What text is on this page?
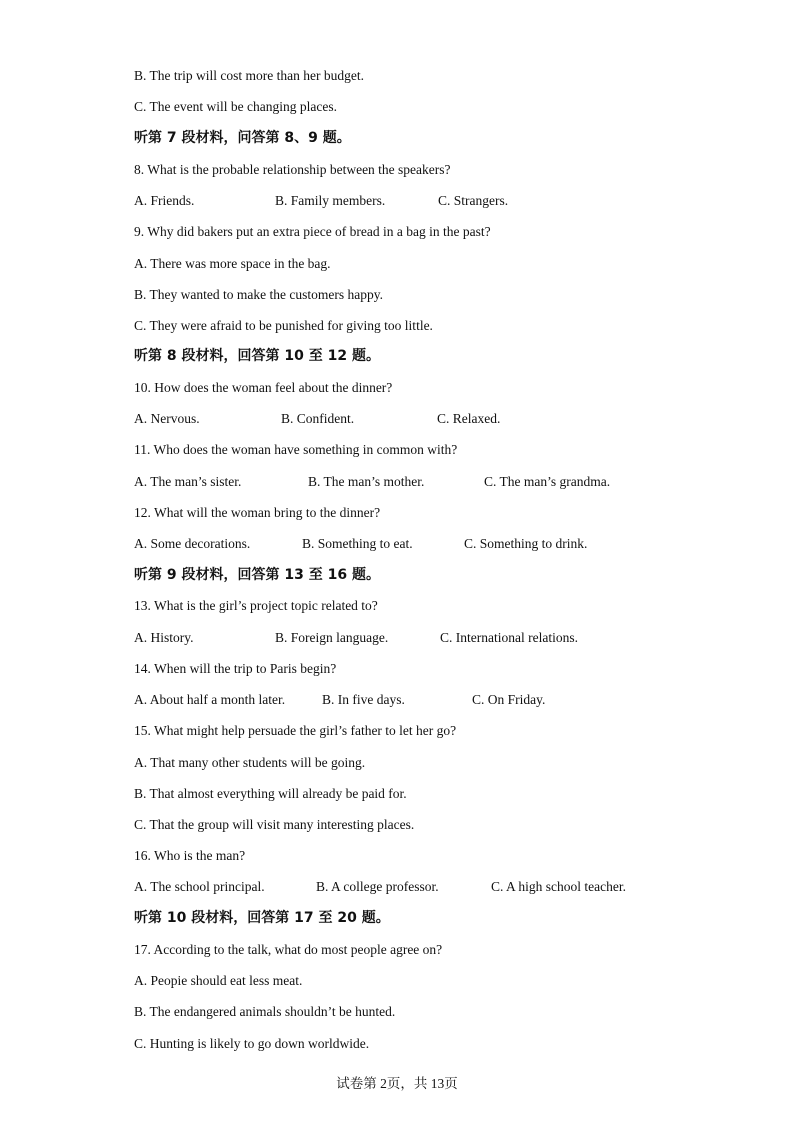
B. The trip will cost more than her budget.
C. The event will be changing places.
听第 7 段材料，问答第 8、9 题。
8. What is the probable relationship between the speakers?
A. Friends.	B. Family members.	C. Strangers.
9. Why did bakers put an extra piece of bread in a bag in the past?
A. There was more space in the bag.
B. They wanted to make the customers happy.
C. They were afraid to be punished for giving too little.
听第 8 段材料，回答第 10 至 12 题。
10. How does the woman feel about the dinner?
A. Nervous.	B. Confident.	C. Relaxed.
11. Who does the woman have something in common with?
A. The man’s sister.	B. The man’s mother.	C. The man’s grandma.
12. What will the woman bring to the dinner?
A. Some decorations.	B. Something to eat.	C. Something to drink.
听第 9 段材料，回答第 13 至 16 题。
13. What is the girl’s project topic related to?
A. History.	B. Foreign language.	C. International relations.
14. When will the trip to Paris begin?
A. About half a month later.	B. In five days.	C. On Friday.
15. What might help persuade the girl’s father to let her go?
A. That many other students will be going.
B. That almost everything will already be paid for.
C. That the group will visit many interesting places.
16. Who is the man?
A. The school principal.	B. A college professor.	C. A high school teacher.
听第 10 段材料，回答第 17 至 20 题。
17. According to the talk, what do most people agree on?
A. Peopie should eat less meat.
B. The endangered animals shouldn’t be hunted.
C. Hunting is likely to go down worldwide.
试卷第 2页，共 13页
